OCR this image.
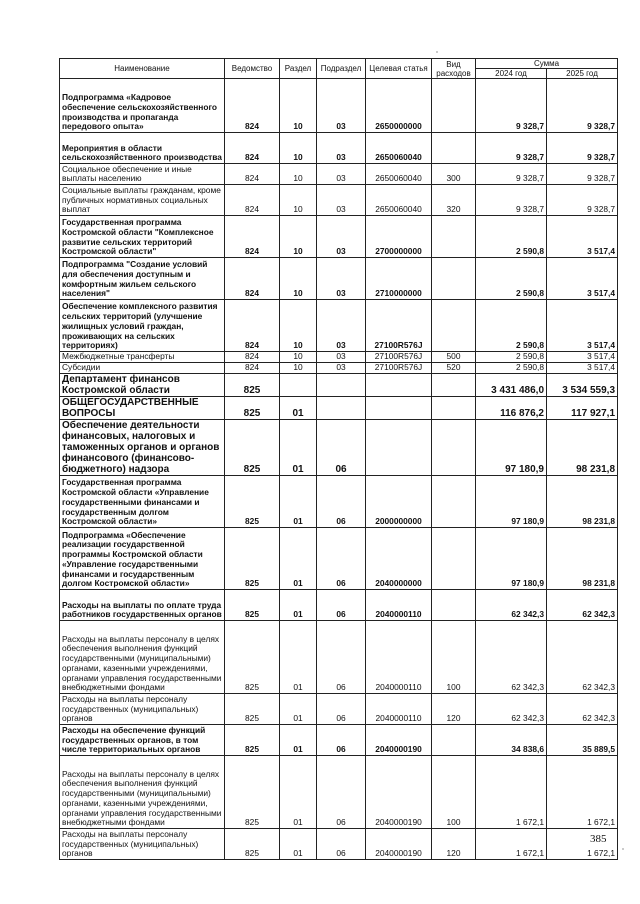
Наименование	Ведомство	Раздел	Подраздел	Целевая статья	Вид расходов	Сумма	
						2024 год	2025 год
Подпрограмма «Кадровое обеспечение сельскохозяйственного производства и пропаганда передового опыта»	824	10	03	2650000000		9 328,7	9 328,7
Мероприятия в области сельскохозяйственного производства	824	10	03	2650060040		9 328,7	9 328,7
Социальное обеспечение и иные выплаты населению	824	10	03	2650060040	300	9 328,7	9 328,7
Социальные выплаты гражданам, кроме публичных нормативных социальных выплат	824	10	03	2650060040	320	9 328,7	9 328,7
Государственная программа Костромской области "Комплексное развитие сельских территорий Костромской области"	824	10	03	2700000000		2 590,8	3 517,4
Подпрограмма "Создание условий для обеспечения доступным и комфортным жильем сельского населения"	824	10	03	2710000000		2 590,8	3 517,4
Обеспечение комплексного развития сельских территорий (улучшение жилищных условий граждан, проживающих на сельских территориях)	824	10	03	27100R576J		2 590,8	3 517,4
Межбюджетные трансферты	824	10	03	27100R576J	500	2 590,8	3 517,4
Субсидии	824	10	03	27100R576J	520	2 590,8	3 517,4
Департамент финансов Костромской области	825					3 431 486,0	3 534 559,3
ОБЩЕГОСУДАРСТВЕННЫЕ ВОПРОСЫ	825	01				116 876,2	117 927,1
Обеспечение деятельности финансовых, налоговых и таможенных органов и органов финансового (финансово-бюджетного) надзора	825	01	06			97 180,9	98 231,8
Государственная программа Костромской области «Управление государственными финансами и государственным долгом Костромской области»	825	01	06	2000000000		97 180,9	98 231,8
Подпрограмма «Обеспечение реализации государственной программы Костромской области «Управление государственными финансами и государственным долгом Костромской области»	825	01	06	2040000000		97 180,9	98 231,8
Расходы на выплаты по оплате труда работников государственных органов	825	01	06	2040000110		62 342,3	62 342,3
Расходы на выплаты персоналу в целях обеспечения выполнения функций государственными (муниципальными) органами, казенными учреждениями, органами управления государственными внебюджетными фондами	825	01	06	2040000110	100	62 342,3	62 342,3
Расходы на выплаты персоналу государственных (муниципальных) органов	825	01	06	2040000110	120	62 342,3	62 342,3
Расходы на обеспечение функций государственных органов, в том числе территориальных органов	825	01	06	2040000190		34 838,6	35 889,5
Расходы на выплаты персоналу в целях обеспечения выполнения функций государственными (муниципальными) органами, казенными учреждениями, органами управления государственными внебюджетными фондами	825	01	06	2040000190	100	1 672,1	1 672,1
Расходы на выплаты персоналу государственных (муниципальных) органов	825	01	06	2040000190	120	1 672,1	1 672,1
385
